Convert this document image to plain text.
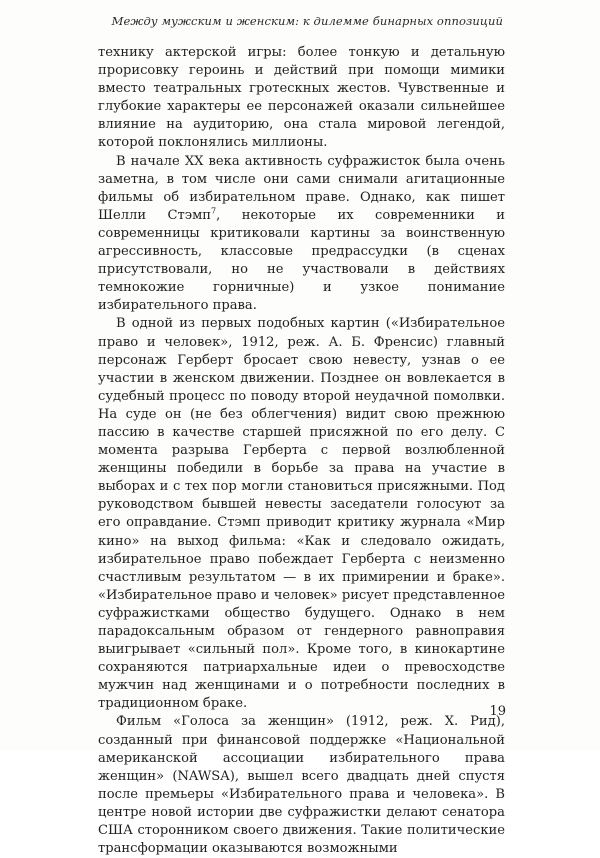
Между мужским и женским: к дилемме бинарных оппозиций

технику актерской игры: более тонкую и детальную прорисовку героинь и действий при помощи мимики вместо театральных гротескных жестов. Чувственные и глубокие характеры ее персонажей оказали сильнейшее влияние на аудиторию, она стала мировой легендой, которой поклонялись миллионы.

В начале XX века активность суфражисток была очень заметна, в том числе они сами снимали агитационные фильмы об избирательном праве. Однако, как пишет Шелли Стэмп$^7$, некоторые их современники и современницы критиковали картины за воинственную агрессивность, классовые предрассудки (в сценах присутствовали, но не участвовали в действиях темнокожие горничные) и узкое понимание избирательного права.

В одной из первых подобных картин («Избирательное право и человек», 1912, реж. А. Б. Френсис) главный персонаж Герберт бросает свою невесту, узнав о ее участии в женском движении. Позднее он вовлекается в судебный процесс по поводу второй неудачной помолвки. На суде он (не без облегчения) видит свою прежнюю пассию в качестве старшей присяжной по его делу. С момента разрыва Герберта с первой возлюбленной женщины победили в борьбе за права на участие в выборах и с тех пор могли становиться присяжными. Под руководством бывшей невесты заседатели голосуют за его оправдание. Стэмп приводит критику журнала «Мир кино» на выход фильма: «Как и следовало ожидать, избирательное право побеждает Герберта с неизменно счастливым результатом — в их примирении и браке». «Избирательное право и человек» рисует представленное суфражистками общество будущего. Однако в нем парадоксальным образом от гендерного равноправия выигрывает «сильный пол». Кроме того, в кинокартине сохраняются патриархальные идеи о превосходстве мужчин над женщинами и о потребности последних в традиционном браке.

Фильм «Голоса за женщин» (1912, реж. Х. Рид), созданный при финансовой поддержке «Национальной американской ассоциации избирательного права женщин» (NAWSA), вышел всего двадцать дней спустя после премьеры «Избирательного права и человека». В центре новой истории две суфражистки делают сенатора США сторонником своего движения. Такие политические трансформации оказываются возможными

19
